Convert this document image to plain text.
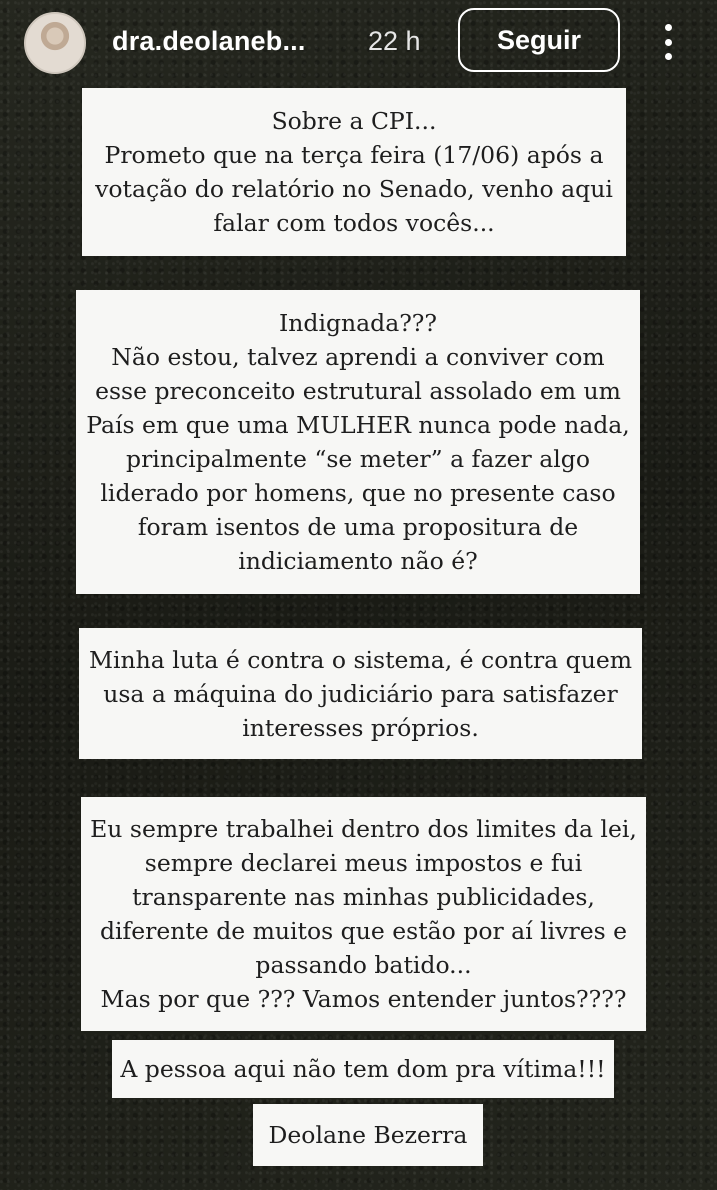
dra.deolaneb... 22 h	Seguir
Sobre a CPI...
Prometo que na terça feira (17/06) após a
votação do relatório no Senado, venho aqui
falar com todos vocês...
Indignada???
Não estou, talvez aprendi a conviver com
esse preconceito estrutural assolado em um
País em que uma MULHER nunca pode nada,
principalmente “se meter” a fazer algo
liderado por homens, que no presente caso
foram isentos de uma propositura de
indiciamento não é?
Minha luta é contra o sistema, é contra quem
usa a máquina do judiciário para satisfazer
interesses próprios.
Eu sempre trabalhei dentro dos limites da lei,
sempre declarei meus impostos e fui
transparente nas minhas publicidades,
diferente de muitos que estão por aí livres e
passando batido...
Mas por que ??? Vamos entender juntos????
A pessoa aqui não tem dom pra vítima!!!
Deolane Bezerra
